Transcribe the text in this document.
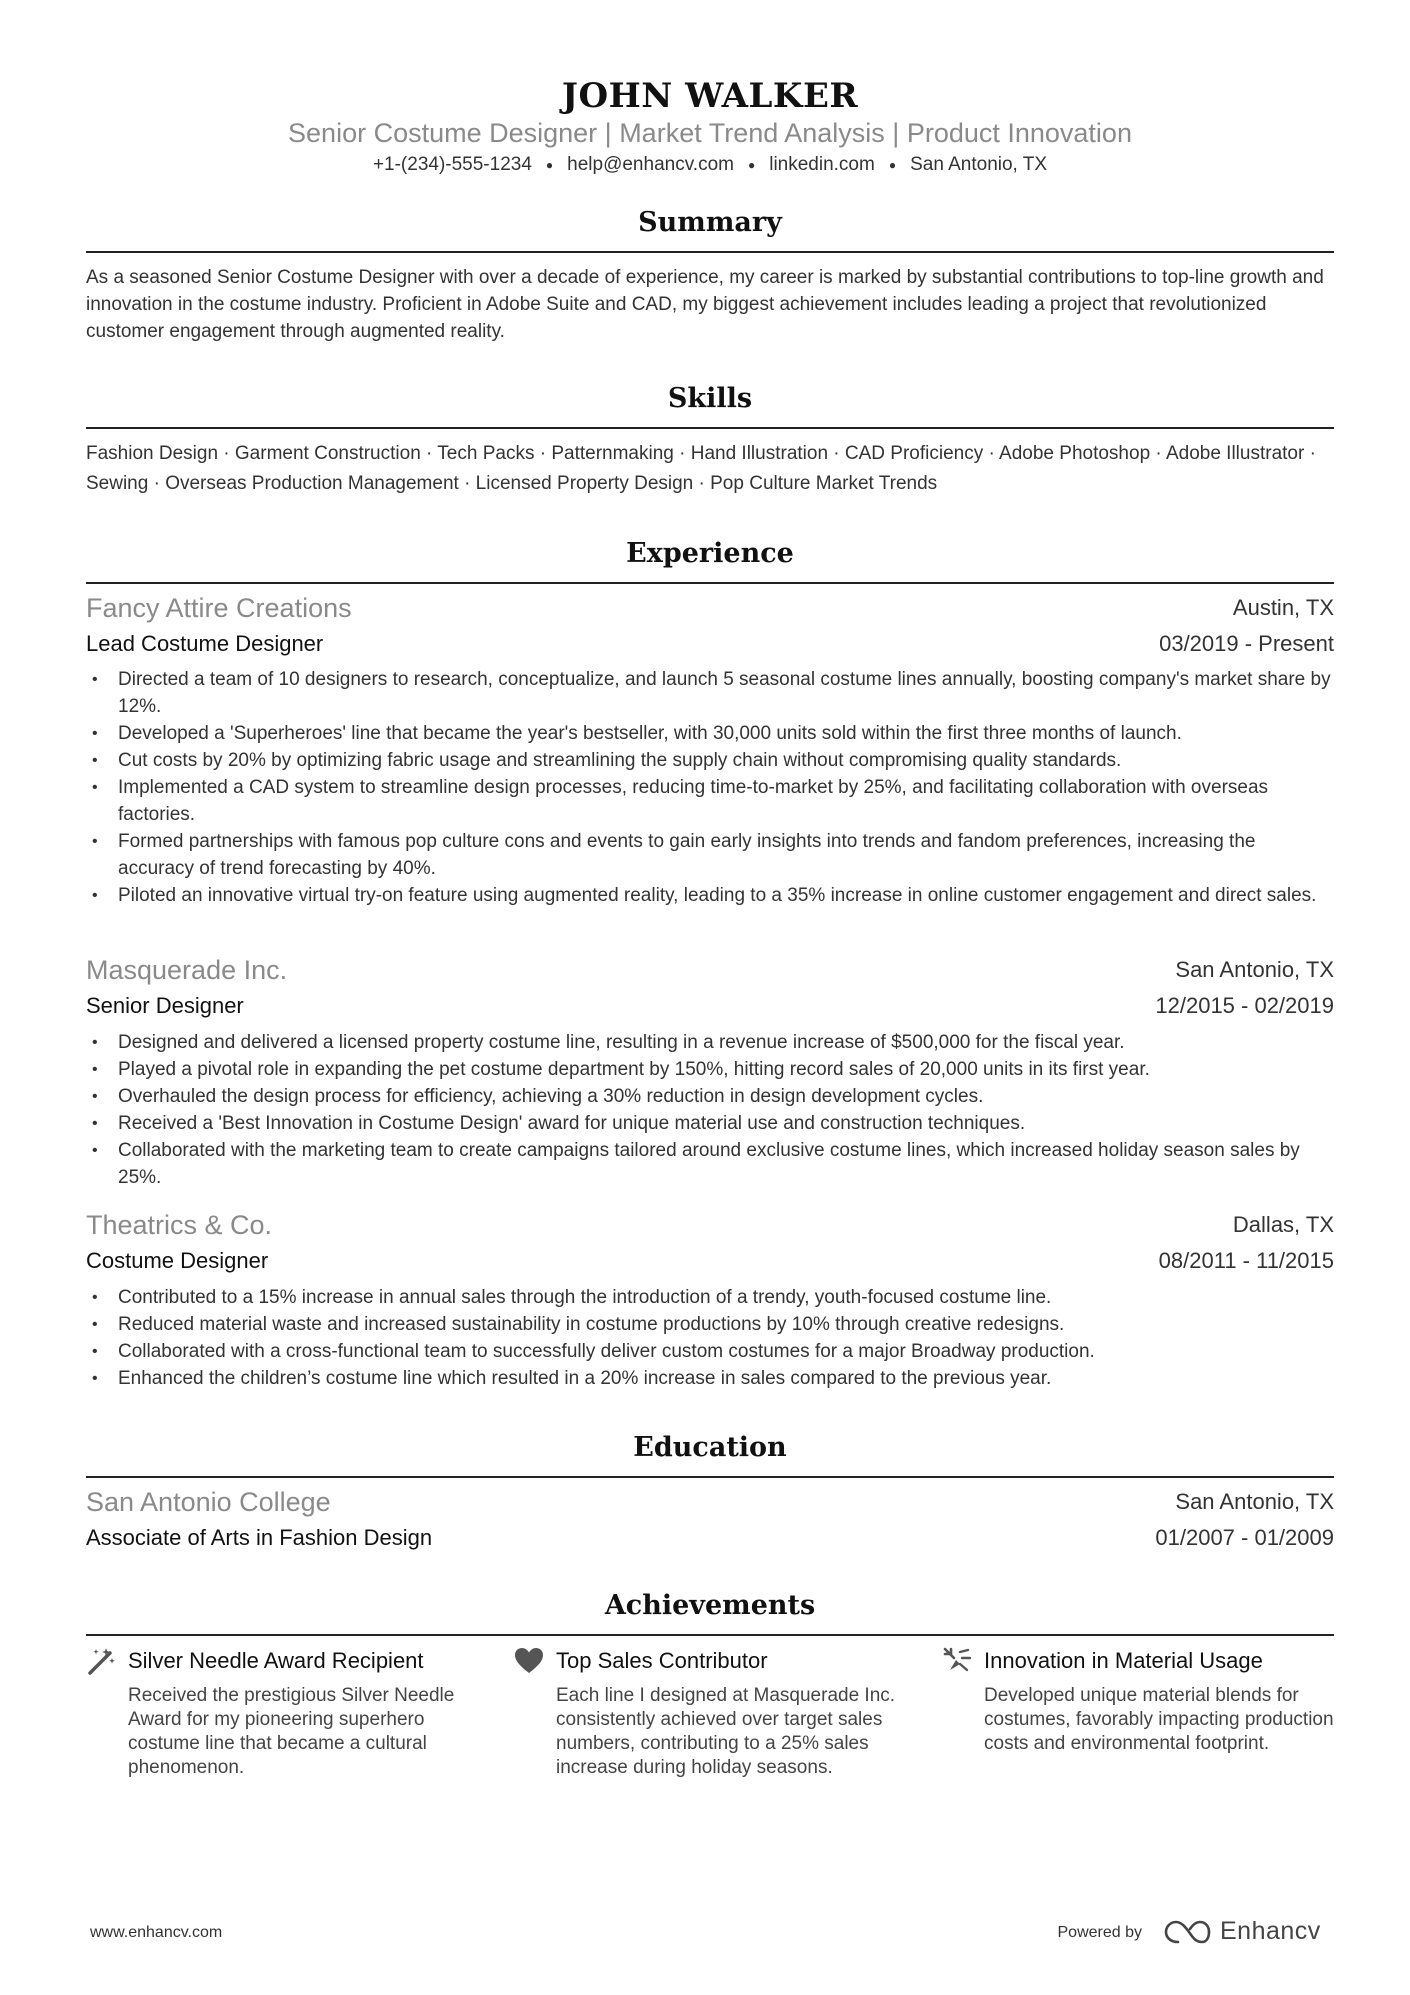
JOHN WALKER
Senior Costume Designer | Market Trend Analysis | Product Innovation
+1-(234)-555-1234 ● help@enhancv.com ● linkedin.com ● San Antonio, TX
Summary
As a seasoned Senior Costume Designer with over a decade of experience, my career is marked by substantial contributions to top-line growth and innovation in the costume industry. Proficient in Adobe Suite and CAD, my biggest achievement includes leading a project that revolutionized customer engagement through augmented reality.
Skills
Fashion Design · Garment Construction · Tech Packs · Patternmaking · Hand Illustration · CAD Proficiency · Adobe Photoshop · Adobe Illustrator · Sewing · Overseas Production Management · Licensed Property Design · Pop Culture Market Trends
Experience
Fancy Attire Creations	Austin, TX
Lead Costume Designer	03/2019 - Present
• Directed a team of 10 designers to research, conceptualize, and launch 5 seasonal costume lines annually, boosting company's market share by 12%.
• Developed a 'Superheroes' line that became the year's bestseller, with 30,000 units sold within the first three months of launch.
• Cut costs by 20% by optimizing fabric usage and streamlining the supply chain without compromising quality standards.
• Implemented a CAD system to streamline design processes, reducing time-to-market by 25%, and facilitating collaboration with overseas factories.
• Formed partnerships with famous pop culture cons and events to gain early insights into trends and fandom preferences, increasing the accuracy of trend forecasting by 40%.
• Piloted an innovative virtual try-on feature using augmented reality, leading to a 35% increase in online customer engagement and direct sales.
Masquerade Inc.	San Antonio, TX
Senior Designer	12/2015 - 02/2019
• Designed and delivered a licensed property costume line, resulting in a revenue increase of $500,000 for the fiscal year.
• Played a pivotal role in expanding the pet costume department by 150%, hitting record sales of 20,000 units in its first year.
• Overhauled the design process for efficiency, achieving a 30% reduction in design development cycles.
• Received a 'Best Innovation in Costume Design' award for unique material use and construction techniques.
• Collaborated with the marketing team to create campaigns tailored around exclusive costume lines, which increased holiday season sales by 25%.
Theatrics & Co.	Dallas, TX
Costume Designer	08/2011 - 11/2015
• Contributed to a 15% increase in annual sales through the introduction of a trendy, youth-focused costume line.
• Reduced material waste and increased sustainability in costume productions by 10% through creative redesigns.
• Collaborated with a cross-functional team to successfully deliver custom costumes for a major Broadway production.
• Enhanced the children’s costume line which resulted in a 20% increase in sales compared to the previous year.
Education
San Antonio College	San Antonio, TX
Associate of Arts in Fashion Design	01/2007 - 01/2009
Achievements
Silver Needle Award Recipient
Received the prestigious Silver Needle Award for my pioneering superhero costume line that became a cultural phenomenon.
Top Sales Contributor
Each line I designed at Masquerade Inc. consistently achieved over target sales numbers, contributing to a 25% sales increase during holiday seasons.
Innovation in Material Usage
Developed unique material blends for costumes, favorably impacting production costs and environmental footprint.
www.enhancv.com	Powered by	Enhancv
